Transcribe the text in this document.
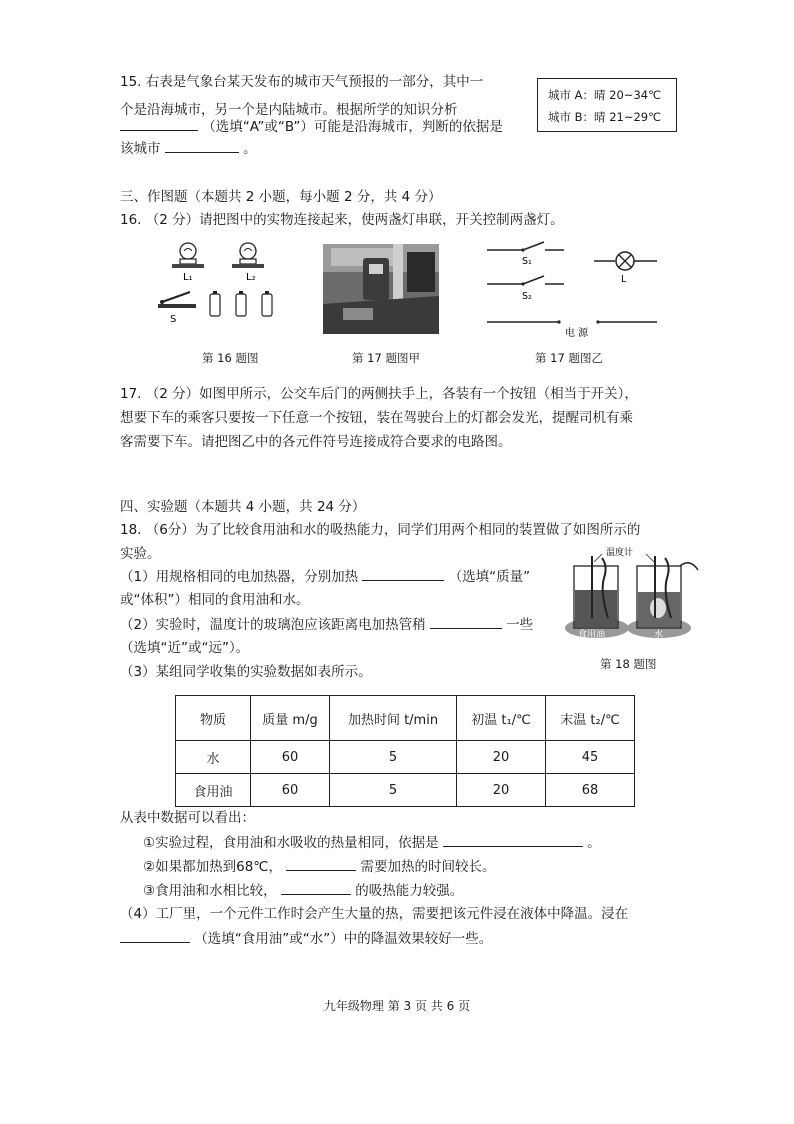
15. 右表是气象台某天发布的城市天气预报的一部分，其中一
个是沿海城市，另一个是内陆城市。根据所学的知识分析
（选填“A”或“B”）可能是沿海城市，判断的依据是
该城市	。
城市 A：晴 20~34℃
城市 B：晴 21~29℃
三、作图题（本题共 2 小题，每小题 2 分，共 4 分）
16. （2 分）请把图中的实物连接起来，使两盏灯串联，开关控制两盏灯。
L₁	L₂
S
第 16 题图	第 17 题图甲
S₁
S₂
L
电 源
第 17 题图乙
17. （2 分）如图甲所示，公交车后门的两侧扶手上，各装有一个按钮（相当于开关），
想要下车的乘客只要按一下任意一个按钮，装在驾驶台上的灯都会发光，提醒司机有乘
客需要下车。请把图乙中的各元件符号连接成符合要求的电路图。
四、实验题（本题共 4 小题，共 24 分）
18. （6分）为了比较食用油和水的吸热能力，同学们用两个相同的装置做了如图所示的
实验。
（1）用规格相同的电加热器，分别加热	（选填“质量”
或“体积”）相同的食用油和水。
（2）实验时，温度计的玻璃泡应该距离电加热管稍	一些
（选填“近”或“远”）。
（3）某组同学收集的实验数据如表所示。
温度计
食用油	水
第 18 题图
物质	质量 m/g	加热时间 t/min	初温 t₁/℃	末温 t₂/℃
水	60	5	20	45
食用油	60	5	20	68
从表中数据可以看出：
①实验过程，食用油和水吸收的热量相同，依据是	。
②如果都加热到68℃，	需要加热的时间较长。
③食用油和水相比较，	的吸热能力较强。
（4）工厂里，一个元件工作时会产生大量的热，需要把该元件浸在液体中降温。浸在
（选填“食用油”或“水”）中的降温效果较好一些。
九年级物理 第 3 页 共 6 页
